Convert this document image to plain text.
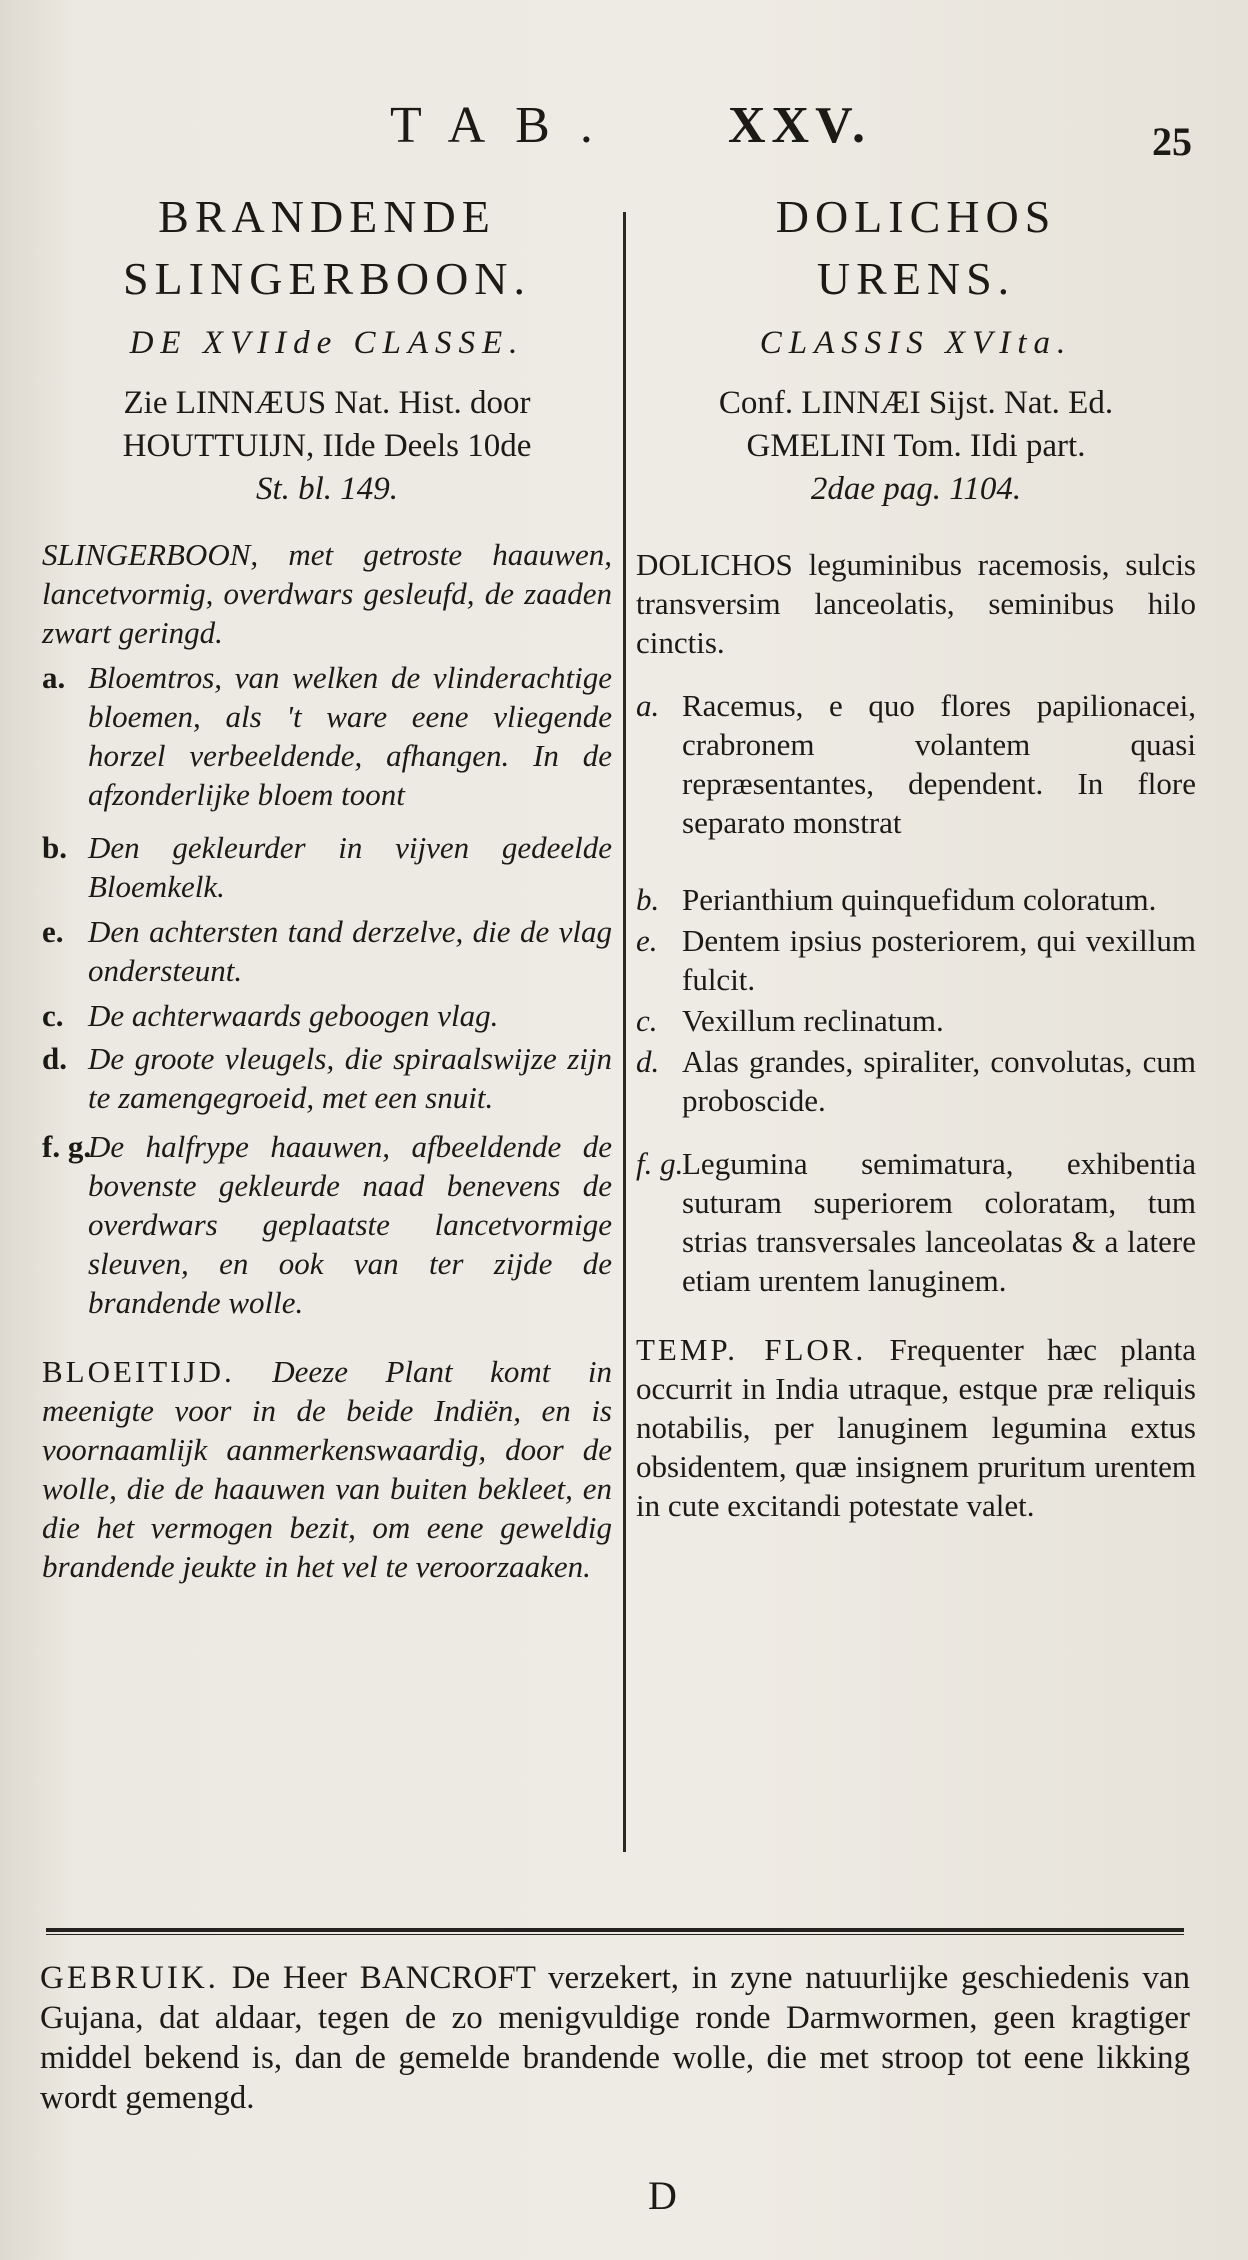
TAB. XXV.	25
BRANDENDE
SLINGERBOON.
DE XVIIde CLASSE.
Zie LINNÆUS Nat. Hist. door
HOUTTUIJN, IIde Deels 10de
St. bl. 149.
SLINGERBOON, met getroste haauwen, lancetvormig, overdwars gesleufd, de zaaden zwart geringd.
a. Bloemtros, van welken de vlinderachtige bloemen, als 't ware eene vliegende horzel verbeeldende, afhangen. In de afzonderlijke bloem toont
b. Den gekleurder in vijven gedeelde Bloemkelk.
e. Den achtersten tand derzelve, die de vlag ondersteunt.
c. De achterwaards geboogen vlag.
d. De groote vleugels, die spiraalswijze zijn te zamengegroeid, met een snuit.
f. g.
De halfrype haauwen, afbeeldende de bovenste gekleurde naad benevens de overdwars geplaatste lancetvormige sleuven, en ook van ter zijde de brandende wolle.
BLOEITIJD. Deeze Plant komt in meenigte voor in de beide Indiën, en is voornaamlijk aanmerkenswaardig, door de wolle, die de haauwen van buiten bekleet, en die het vermogen bezit, om eene geweldig brandende jeukte in het vel te veroorzaaken.
DOLICHOS
URENS.
CLASSIS XVIta.
Conf. LINNÆI Sijst. Nat. Ed.
GMELINI Tom. IIdi part.
2dae pag. 1104.
DOLICHOS leguminibus racemosis, sulcis transversim lanceolatis, seminibus hilo cinctis.
a. Racemus, e quo flores papilionacei, crabronem volantem quasi repræsentantes, dependent. In flore separato monstrat
b. Perianthium quinquefidum coloratum.
e. Dentem ipsius posteriorem, qui vexillum fulcit.
c. Vexillum reclinatum.
d. Alas grandes, spiraliter, convolutas, cum proboscide.
f. g.
Legumina semimatura, exhibentia suturam superiorem coloratam, tum strias transversales lanceolatas & a latere etiam urentem lanuginem.
TEMP. FLOR. Frequenter hæc planta occurrit in India utraque, estque præ reliquis notabilis, per lanuginem legumina extus obsidentem, quæ insignem pruritum urentem in cute excitandi potestate valet.
GEBRUIK. De Heer BANCROFT verzekert, in zyne natuurlijke geschiedenis van Gujana, dat aldaar, tegen de zo menigvuldige ronde Darmwormen, geen kragtiger middel bekend is, dan de gemelde brandende wolle, die met stroop tot eene likking wordt gemengd.
D
